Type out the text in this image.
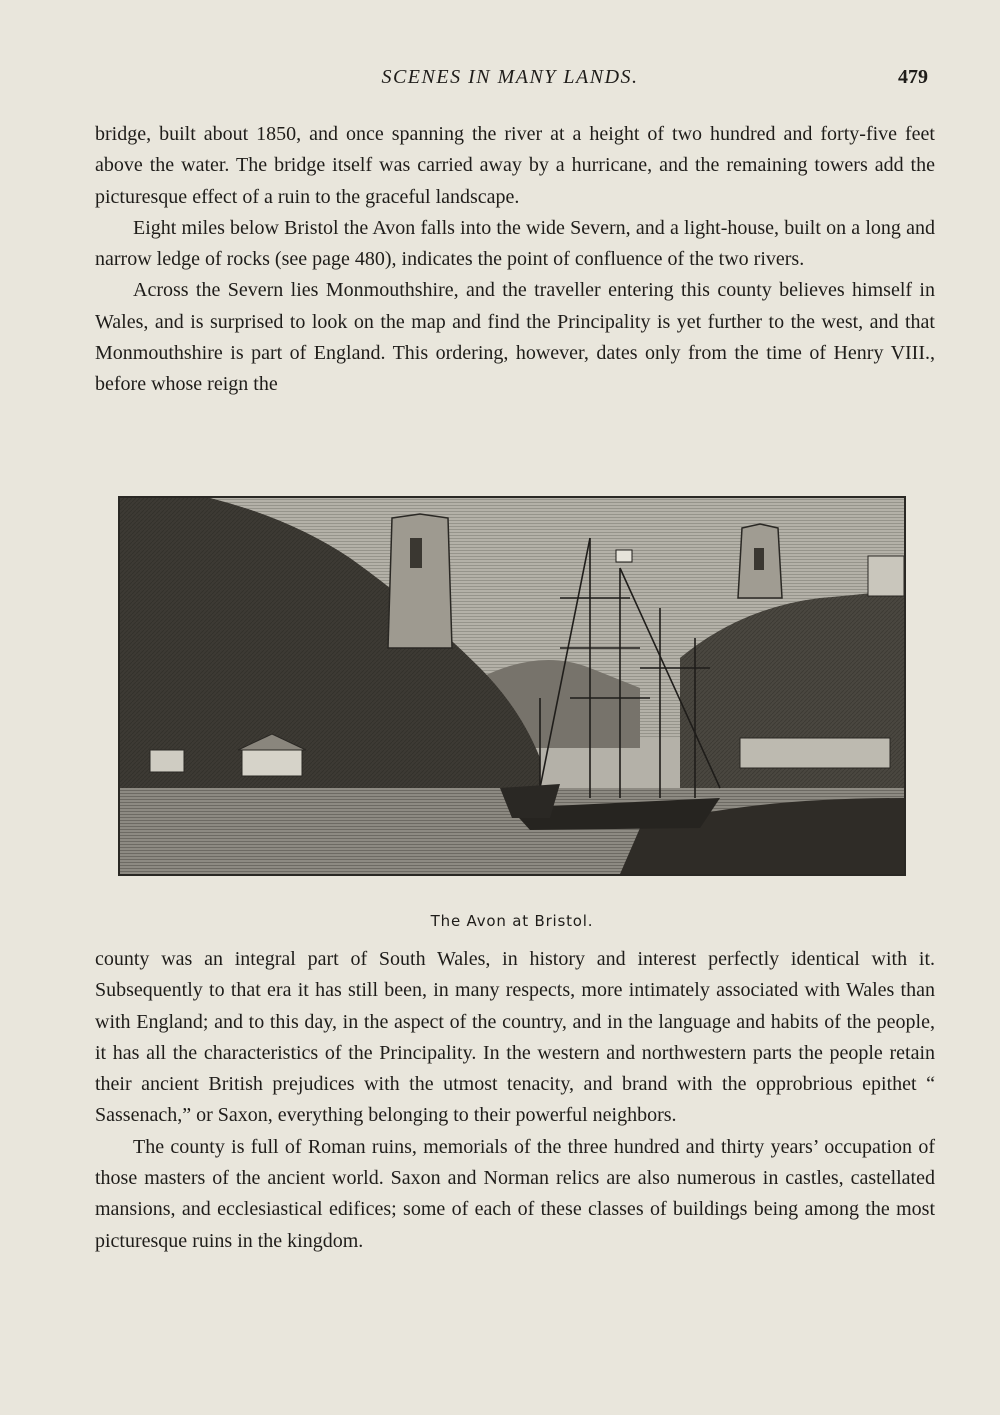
SCENES IN MANY LANDS.	479

bridge, built about 1850, and once spanning the river at a height of two hundred and forty-five feet above the water. The bridge itself was carried away by a hurricane, and the remaining towers add the picturesque effect of a ruin to the graceful landscape.

Eight miles below Bristol the Avon falls into the wide Severn, and a light-house, built on a long and narrow ledge of rocks (see page 480), indicates the point of confluence of the two rivers.

Across the Severn lies Monmouthshire, and the traveller entering this county believes himself in Wales, and is surprised to look on the map and find the Principality is yet further to the west, and that Monmouthshire is part of England. This ordering, however, dates only from the time of Henry VIII., before whose reign the

The Avon at Bristol.

county was an integral part of South Wales, in history and interest perfectly identical with it. Subsequently to that era it has still been, in many respects, more intimately associated with Wales than with England; and to this day, in the aspect of the country, and in the language and habits of the people, it has all the characteristics of the Principality. In the western and northwestern parts the people retain their ancient British prejudices with the utmost tenacity, and brand with the opprobrious epithet “ Sassenach,” or Saxon, everything belonging to their powerful neighbors.

The county is full of Roman ruins, memorials of the three hundred and thirty years’ occupation of those masters of the ancient world. Saxon and Norman relics are also numerous in castles, castellated mansions, and ecclesiastical edifices; some of each of these classes of buildings being among the most picturesque ruins in the kingdom.
